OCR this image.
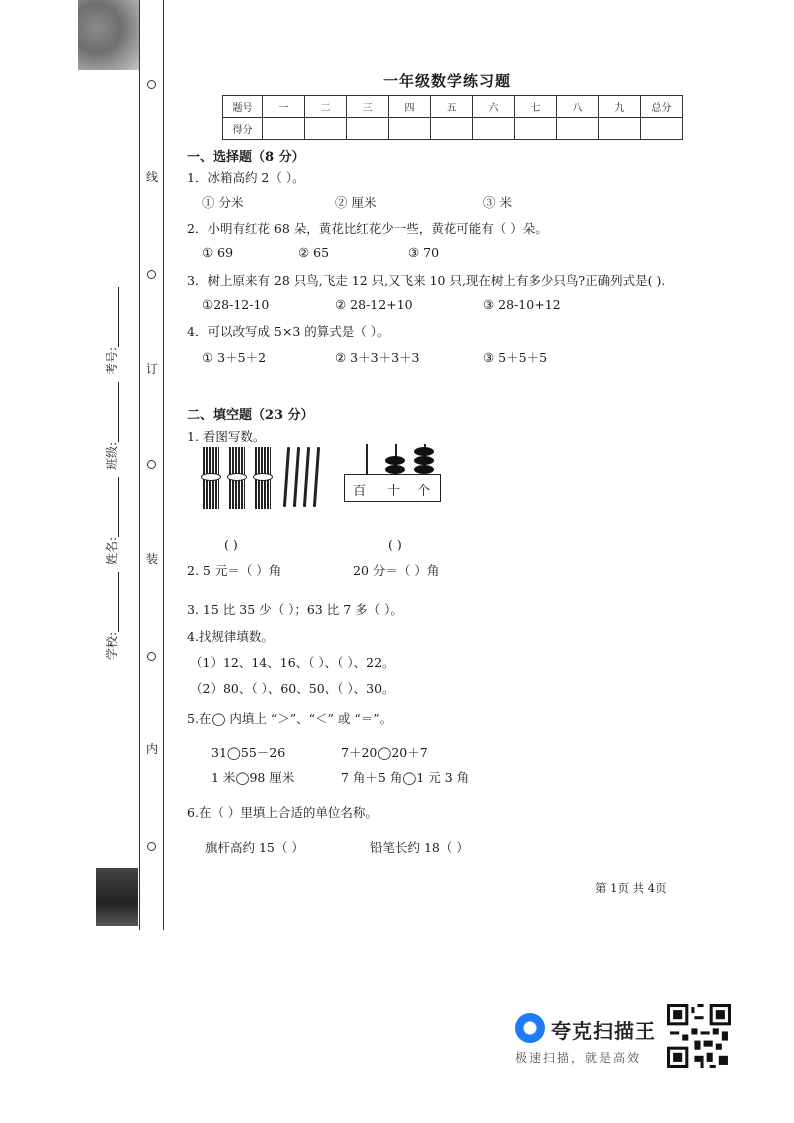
学校:
姓名:
班级:
考号:
线
订
装
内
一年级数学练习题
题号	一	二	三	四	五	六	七	八	九	总分
得分										
一、选择题（8 分）
1．冰箱高约 2（ ）。
① 分米	② 厘米	③ 米
2．小明有红花 68 朵，黄花比红花少一些，黄花可能有（ ）朵。
① 69	② 65	③ 70
3．树上原来有 28 只鸟,飞走 12 只,又飞来 10 只,现在树上有多少只鸟?正确列式是( ).
①28-12-10	② 28-12+10	③ 28-10+12
4．可以改写成 5×3 的算式是（ ）。
① 3＋5＋2	② 3＋3＋3＋3	③ 5＋5＋5
二、填空题（23 分）
1. 看图写数。
百 十 个
( )	( )
2. 5 元＝（ ）角	20 分＝（ ）角
3. 15 比 35 少（ ）；63 比 7 多（ ）。
4.找规律填数。
（1）12、14、16、（ ）、（ ）、22。
（2）80、（ ）、60、50、（ ）、30。
5.在◯ 内填上 “＞”、“＜” 或 “＝”。
31◯55－26	7＋20◯20＋7
1 米◯98 厘米	7 角＋5 角◯1 元 3 角
6.在（ ）里填上合适的单位名称。
旗杆高约 15（ ）	铅笔长约 18（ ）
第 1页 共 4页
夸克扫描王
极速扫描，就是高效
